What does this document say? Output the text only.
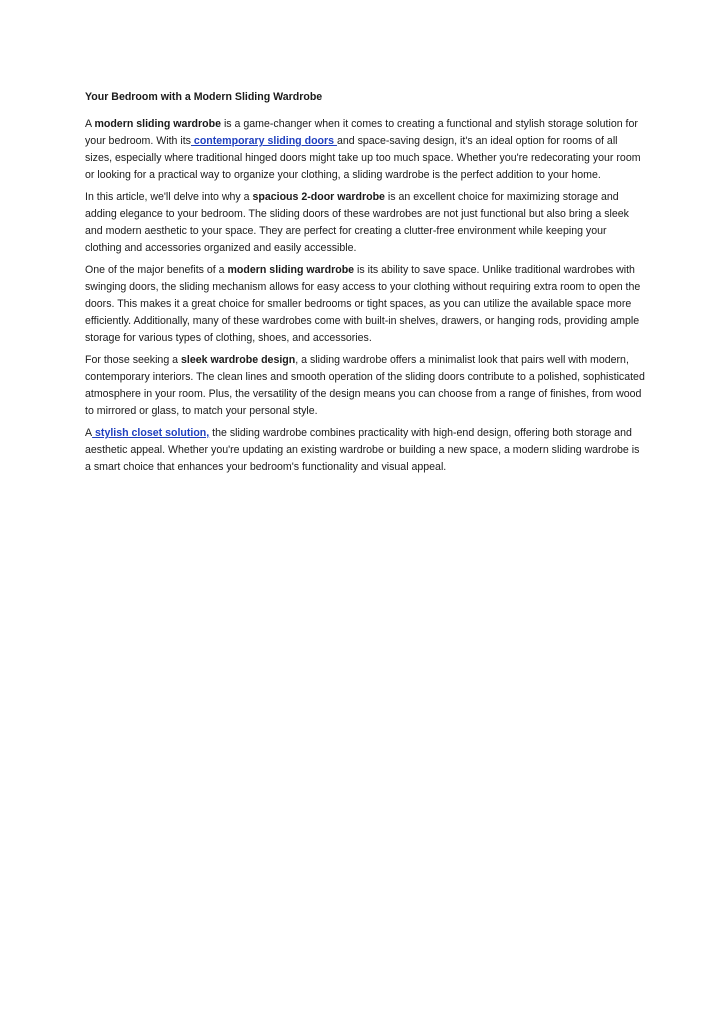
Your Bedroom with a Modern Sliding Wardrobe

A modern sliding wardrobe is a game-changer when it comes to creating a functional and stylish storage solution for your bedroom. With its contemporary sliding doors and space-saving design, it's an ideal option for rooms of all sizes, especially where traditional hinged doors might take up too much space. Whether you're redecorating your room or looking for a practical way to organize your clothing, a sliding wardrobe is the perfect addition to your home.

In this article, we'll delve into why a spacious 2-door wardrobe is an excellent choice for maximizing storage and adding elegance to your bedroom. The sliding doors of these wardrobes are not just functional but also bring a sleek and modern aesthetic to your space. They are perfect for creating a clutter-free environment while keeping your clothing and accessories organized and easily accessible.

One of the major benefits of a modern sliding wardrobe is its ability to save space. Unlike traditional wardrobes with swinging doors, the sliding mechanism allows for easy access to your clothing without requiring extra room to open the doors. This makes it a great choice for smaller bedrooms or tight spaces, as you can utilize the available space more efficiently. Additionally, many of these wardrobes come with built-in shelves, drawers, or hanging rods, providing ample storage for various types of clothing, shoes, and accessories.

For those seeking a sleek wardrobe design, a sliding wardrobe offers a minimalist look that pairs well with modern, contemporary interiors. The clean lines and smooth operation of the sliding doors contribute to a polished, sophisticated atmosphere in your room. Plus, the versatility of the design means you can choose from a range of finishes, from wood to mirrored or glass, to match your personal style.

A stylish closet solution, the sliding wardrobe combines practicality with high-end design, offering both storage and aesthetic appeal. Whether you're updating an existing wardrobe or building a new space, a modern sliding wardrobe is a smart choice that enhances your bedroom's functionality and visual appeal.
